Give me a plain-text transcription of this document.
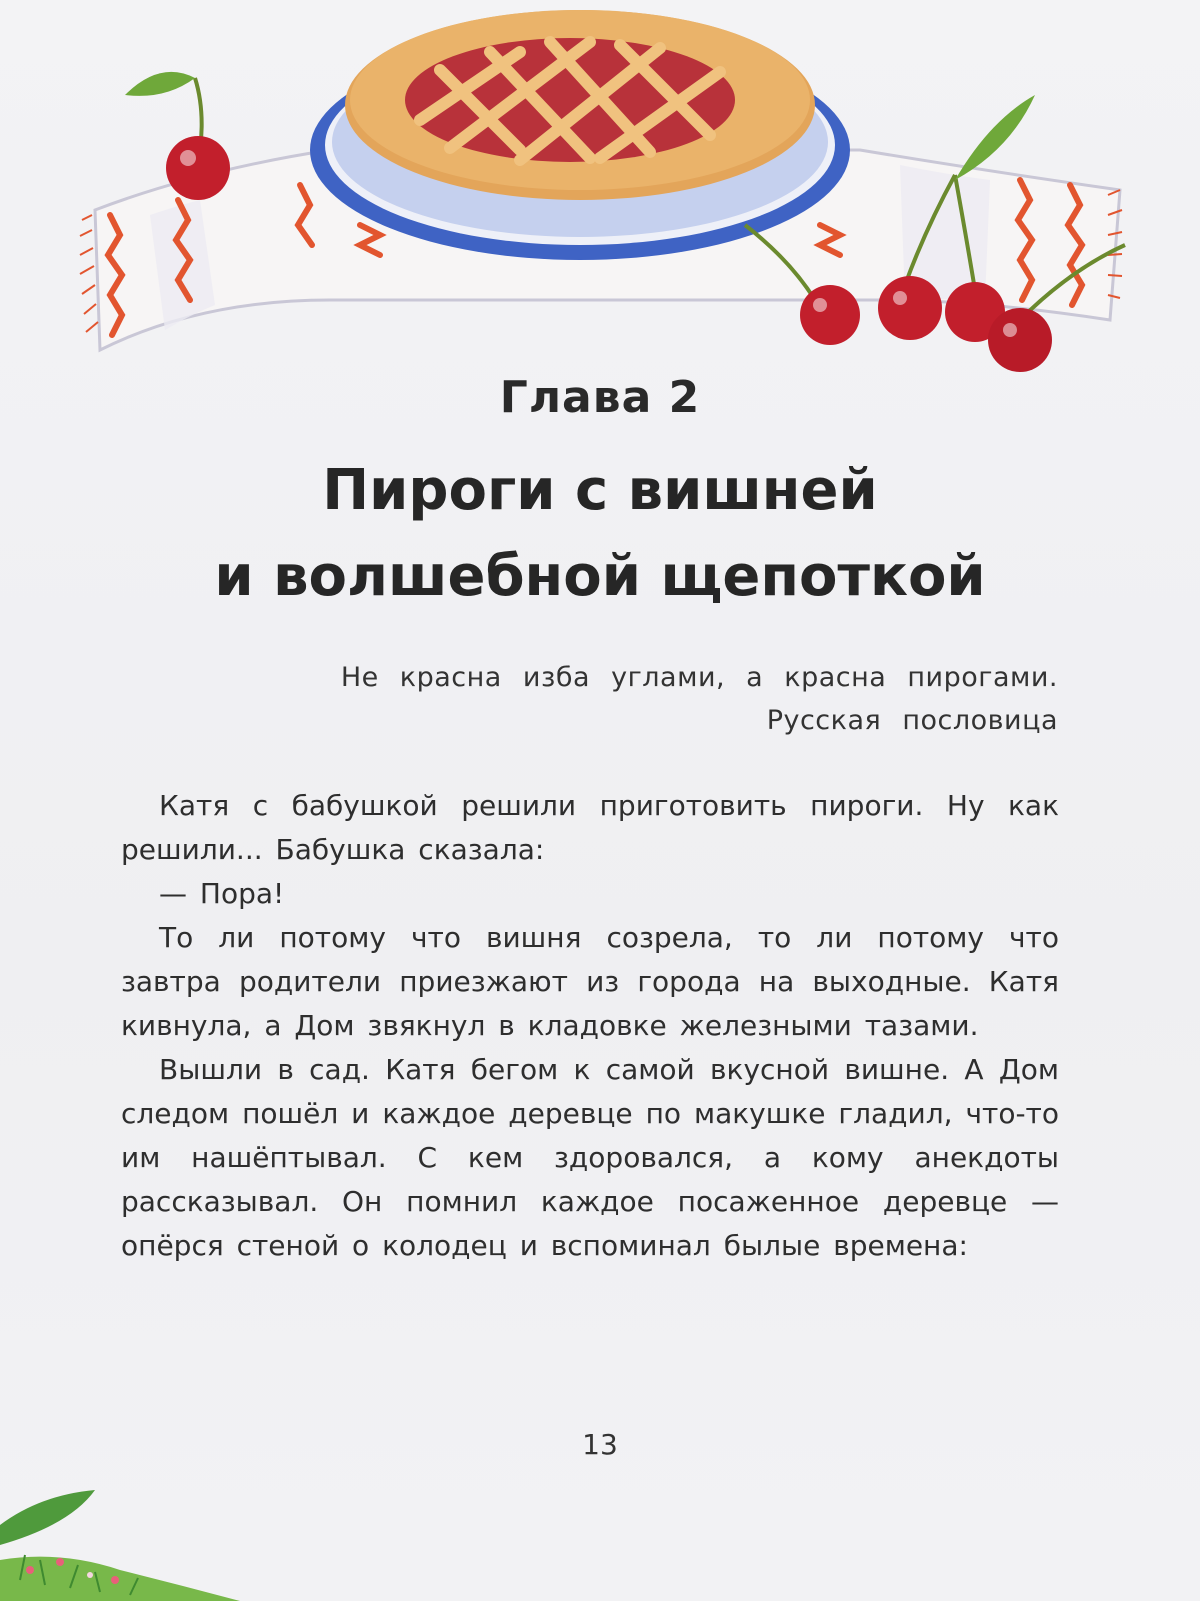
Глава 2
Пироги с вишней
и волшебной щепоткой
Не красна изба углами, а красна пирогами.
Русская пословица

Катя с бабушкой решили приготовить пироги. Ну как решили... Бабушка сказала:

— Пора!

То ли потому что вишня созрела, то ли потому что завтра родители приезжают из города на выходные. Катя кивнула, а Дом звякнул в кладовке железными тазами.

Вышли в сад. Катя бегом к самой вкусной вишне. А Дом следом пошёл и каждое деревце по макушке гладил, что-то им нашёптывал. С кем здоровался, а кому анекдоты рассказывал. Он помнил каждое посаженное деревце — опёрся стеной о колодец и вспоминал былые времена:

13
